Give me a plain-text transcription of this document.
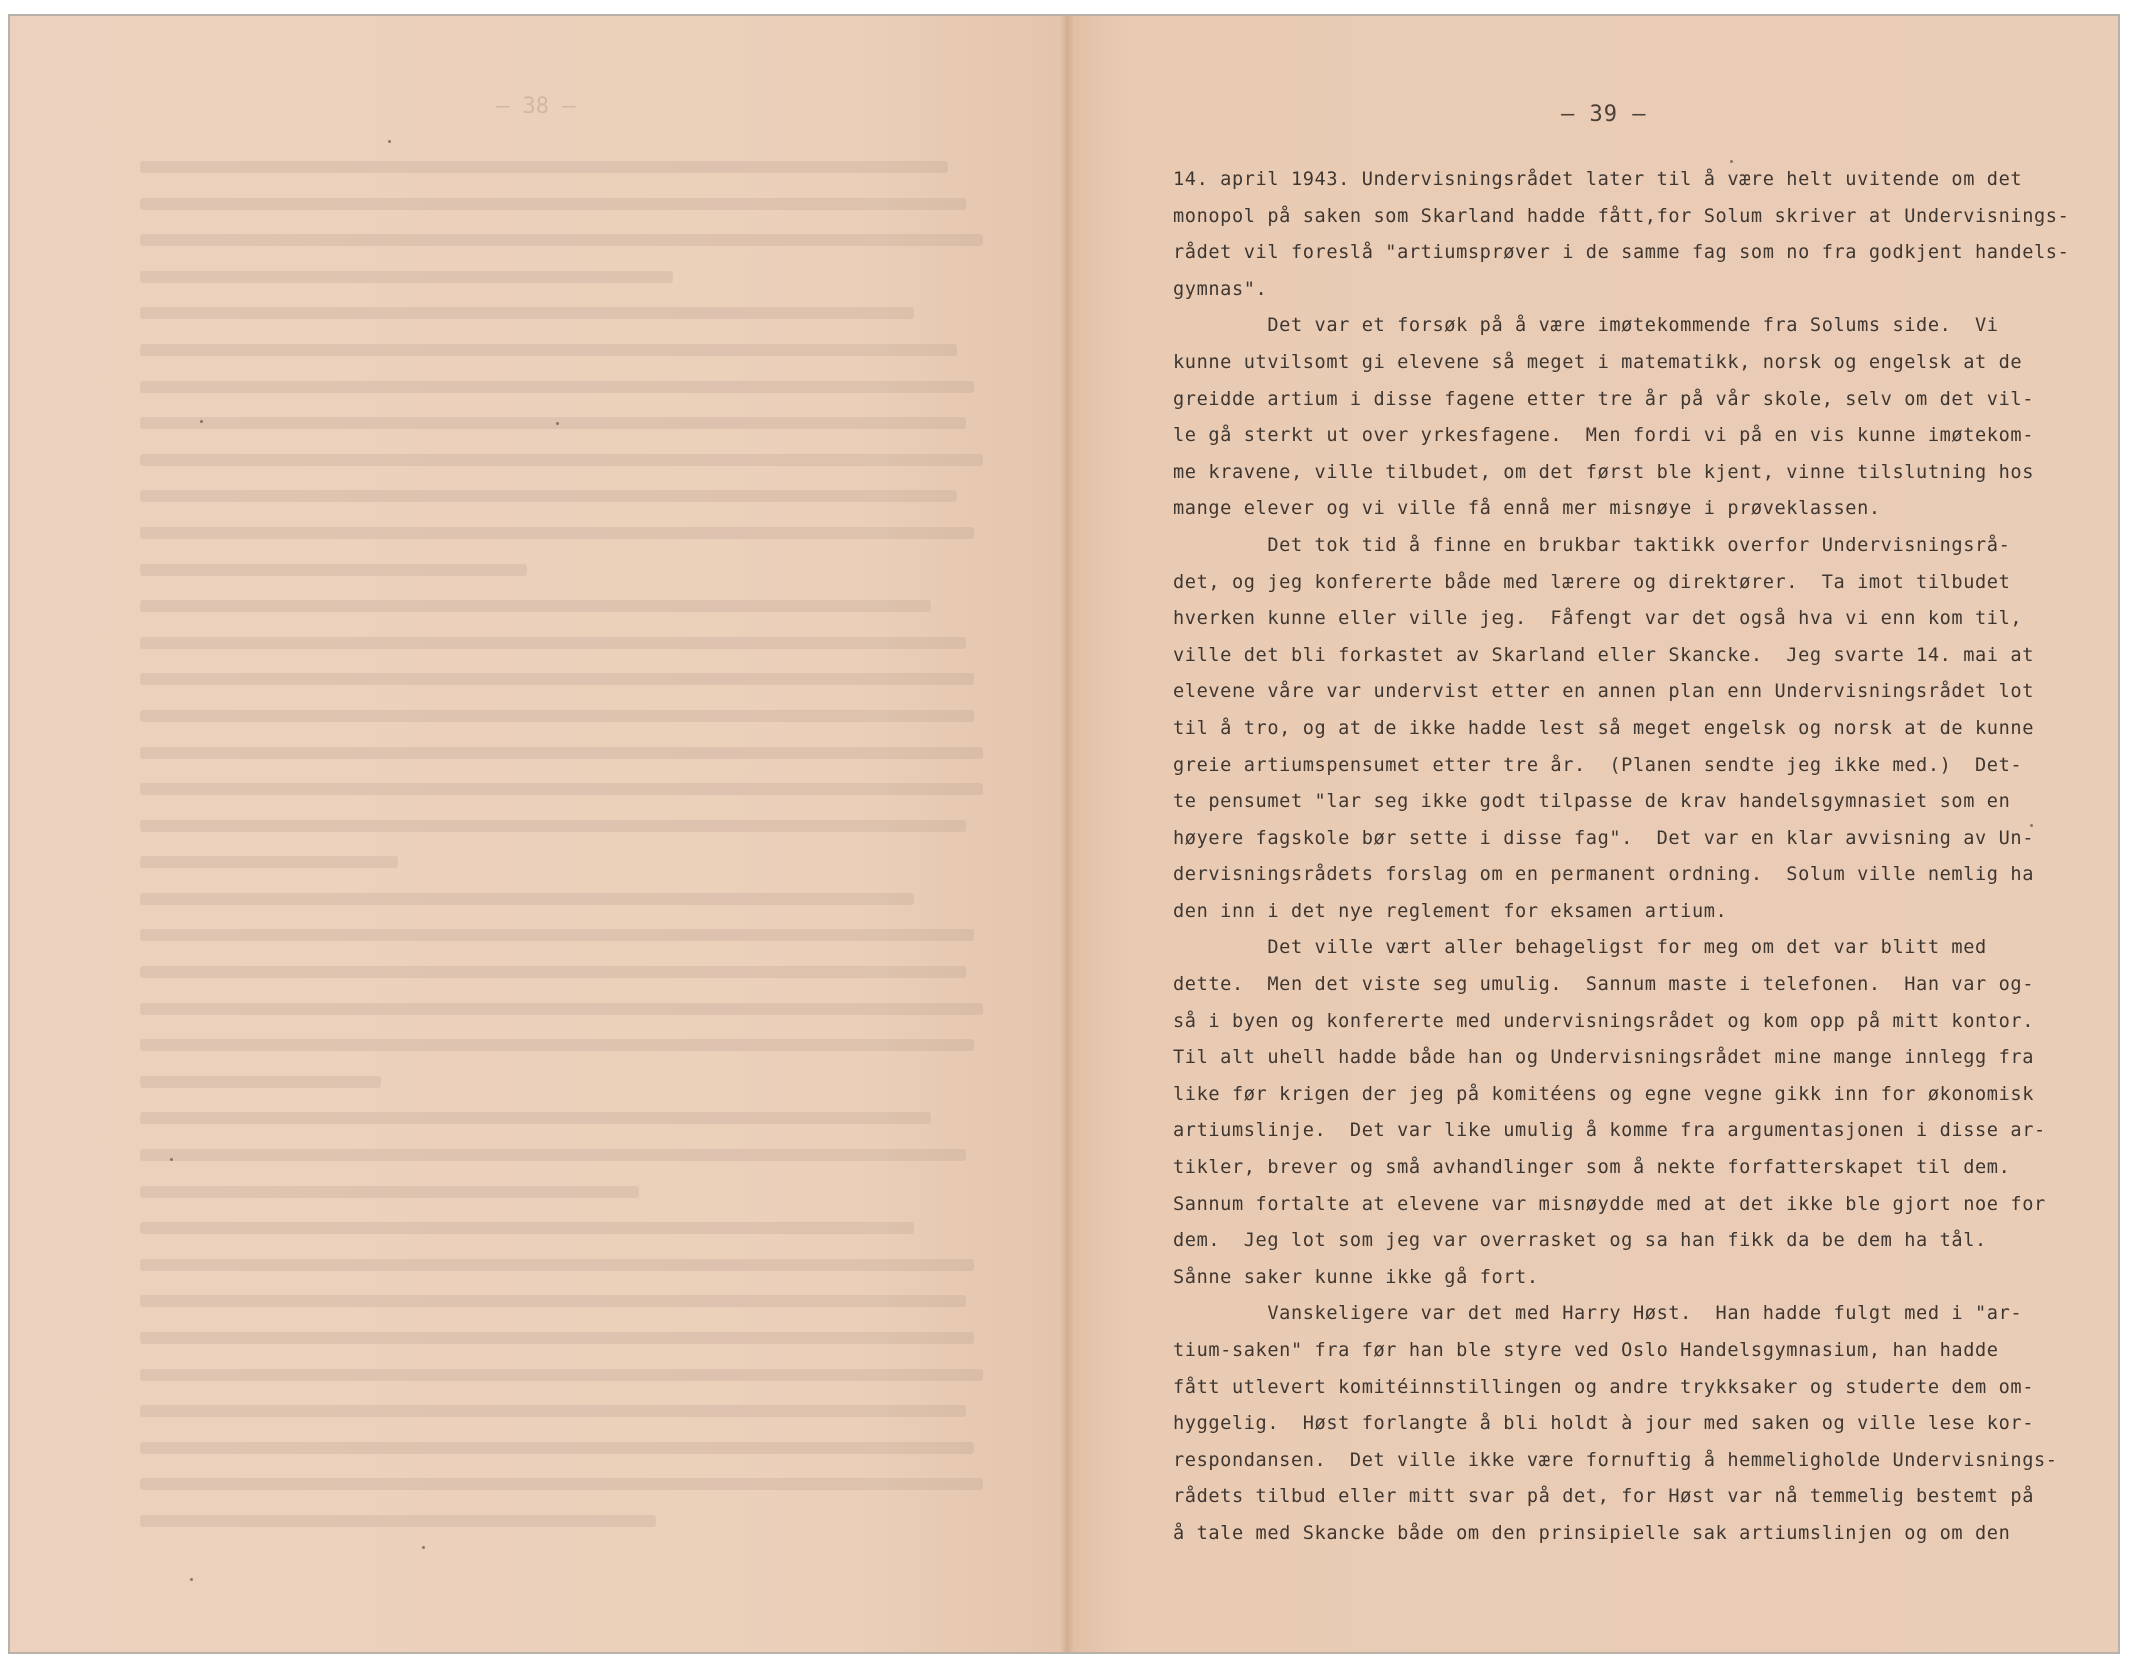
– 38 –	– 39 –
14. april 1943. Undervisningsrådet later til å være helt uvitende om det
monopol på saken som Skarland hadde fått,for Solum skriver at Undervisnings-
rådet vil foreslå "artiumsprøver i de samme fag som no fra godkjent handels-
gymnas".
Det var et forsøk på å være imøtekommende fra Solums side.  Vi
kunne utvilsomt gi elevene så meget i matematikk, norsk og engelsk at de
greidde artium i disse fagene etter tre år på vår skole, selv om det vil-
le gå sterkt ut over yrkesfagene.  Men fordi vi på en vis kunne imøtekom-
me kravene, ville tilbudet, om det først ble kjent, vinne tilslutning hos
mange elever og vi ville få ennå mer misnøye i prøveklassen.
Det tok tid å finne en brukbar taktikk overfor Undervisningsrå-
det, og jeg konfererte både med lærere og direktører.  Ta imot tilbudet
hverken kunne eller ville jeg.  Fåfengt var det også hva vi enn kom til,
ville det bli forkastet av Skarland eller Skancke.  Jeg svarte 14. mai at
elevene våre var undervist etter en annen plan enn Undervisningsrådet lot
til å tro, og at de ikke hadde lest så meget engelsk og norsk at de kunne
greie artiumspensumet etter tre år.  (Planen sendte jeg ikke med.)  Det-
te pensumet "lar seg ikke godt tilpasse de krav handelsgymnasiet som en
høyere fagskole bør sette i disse fag".  Det var en klar avvisning av Un-
dervisningsrådets forslag om en permanent ordning.  Solum ville nemlig ha
den inn i det nye reglement for eksamen artium.
Det ville vært aller behageligst for meg om det var blitt med
dette.  Men det viste seg umulig.  Sannum maste i telefonen.  Han var og-
så i byen og konfererte med undervisningsrådet og kom opp på mitt kontor.
Til alt uhell hadde både han og Undervisningsrådet mine mange innlegg fra
like før krigen der jeg på komitéens og egne vegne gikk inn for økonomisk
artiumslinje.  Det var like umulig å komme fra argumentasjonen i disse ar-
tikler, brever og små avhandlinger som å nekte forfatterskapet til dem.
Sannum fortalte at elevene var misnøydde med at det ikke ble gjort noe for
dem.  Jeg lot som jeg var overrasket og sa han fikk da be dem ha tål.
Sånne saker kunne ikke gå fort.
Vanskeligere var det med Harry Høst.  Han hadde fulgt med i "ar-
tium-saken" fra før han ble styre ved Oslo Handelsgymnasium, han hadde
fått utlevert komitéinnstillingen og andre trykksaker og studerte dem om-
hyggelig.  Høst forlangte å bli holdt à jour med saken og ville lese kor-
respondansen.  Det ville ikke være fornuftig å hemmeligholde Undervisnings-
rådets tilbud eller mitt svar på det, for Høst var nå temmelig bestemt på
å tale med Skancke både om den prinsipielle sak artiumslinjen og om den
